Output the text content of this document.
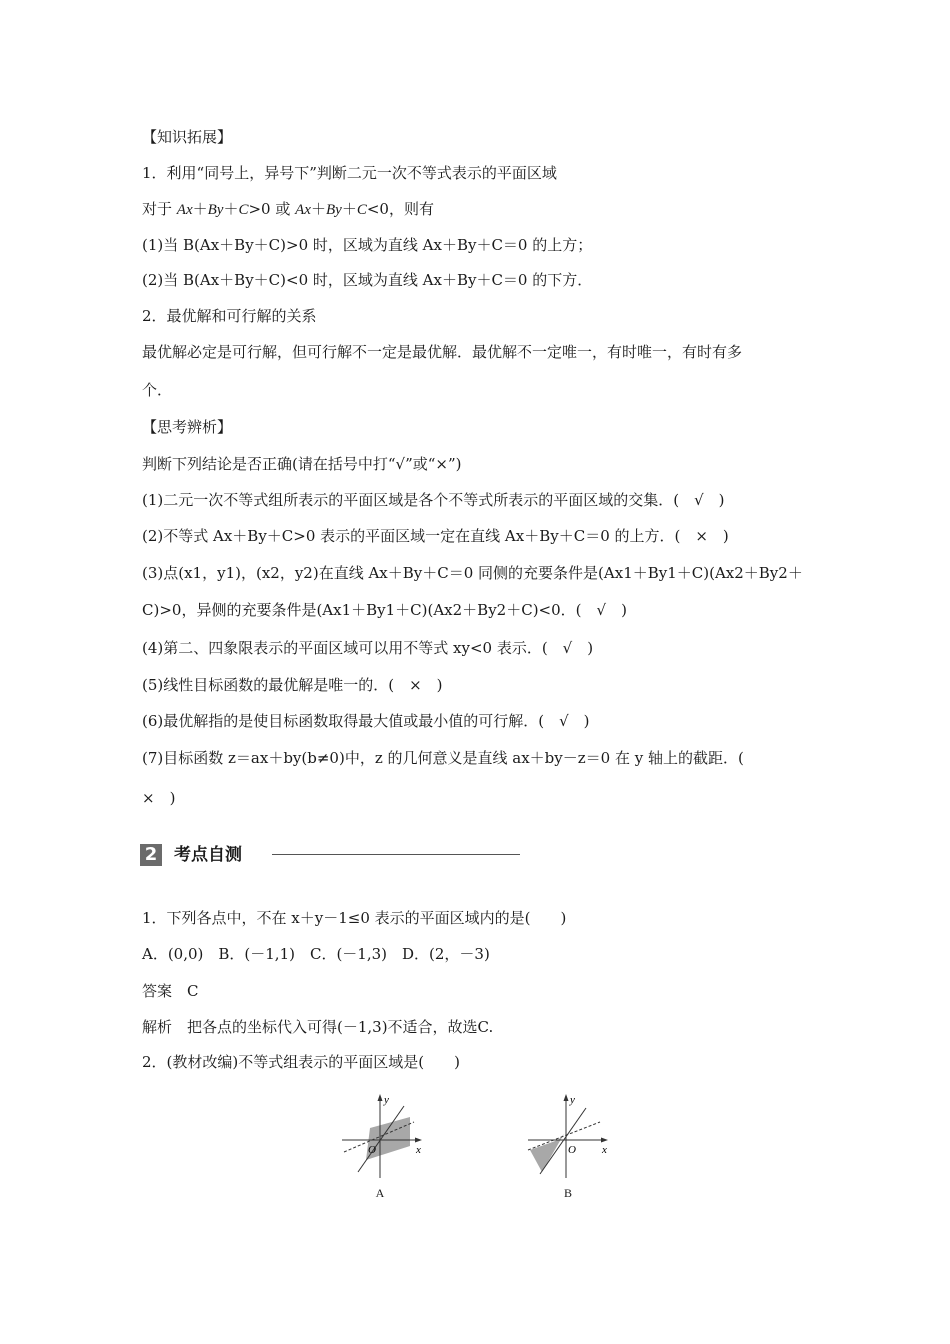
【知识拓展】
1．利用“同号上，异号下”判断二元一次不等式表示的平面区域
对于 Ax＋By＋C>0 或 Ax＋By＋C<0，则有
(1)当 B(Ax＋By＋C)>0 时，区域为直线 Ax＋By＋C＝0 的上方；
(2)当 B(Ax＋By＋C)<0 时，区域为直线 Ax＋By＋C＝0 的下方．
2．最优解和可行解的关系
最优解必定是可行解，但可行解不一定是最优解．最优解不一定唯一，有时唯一，有时有多
个．
【思考辨析】
判断下列结论是否正确(请在括号中打“√”或“×”)
(1)二元一次不等式组所表示的平面区域是各个不等式所表示的平面区域的交集．(　√　)
(2)不等式 Ax＋By＋C>0 表示的平面区域一定在直线 Ax＋By＋C＝0 的上方．(　×　)
(3)点(x1，y1)，(x2，y2)在直线 Ax＋By＋C＝0 同侧的充要条件是(Ax1＋By1＋C)(Ax2＋By2＋
C)>0，异侧的充要条件是(Ax1＋By1＋C)(Ax2＋By2＋C)<0．(　√　)
(4)第二、四象限表示的平面区域可以用不等式 xy<0 表示．(　√　)
(5)线性目标函数的最优解是唯一的．(　×　)
(6)最优解指的是使目标函数取得最大值或最小值的可行解．(　√　)
(7)目标函数 z＝ax＋by(b≠0)中，z 的几何意义是直线 ax＋by－z＝0 在 y 轴上的截距．(
×　)
2 考点自测
1．下列各点中，不在 x＋y－1≤0 表示的平面区域内的是(　　)
A．(0,0)　B．(－1,1)　C．(－1,3)　D．(2，－3)
答案　C
解析　把各点的坐标代入可得(－1,3)不适合，故选C.
2．(教材改编)不等式组表示的平面区域是(　　)
y
x
O
A
y
x
O
B
